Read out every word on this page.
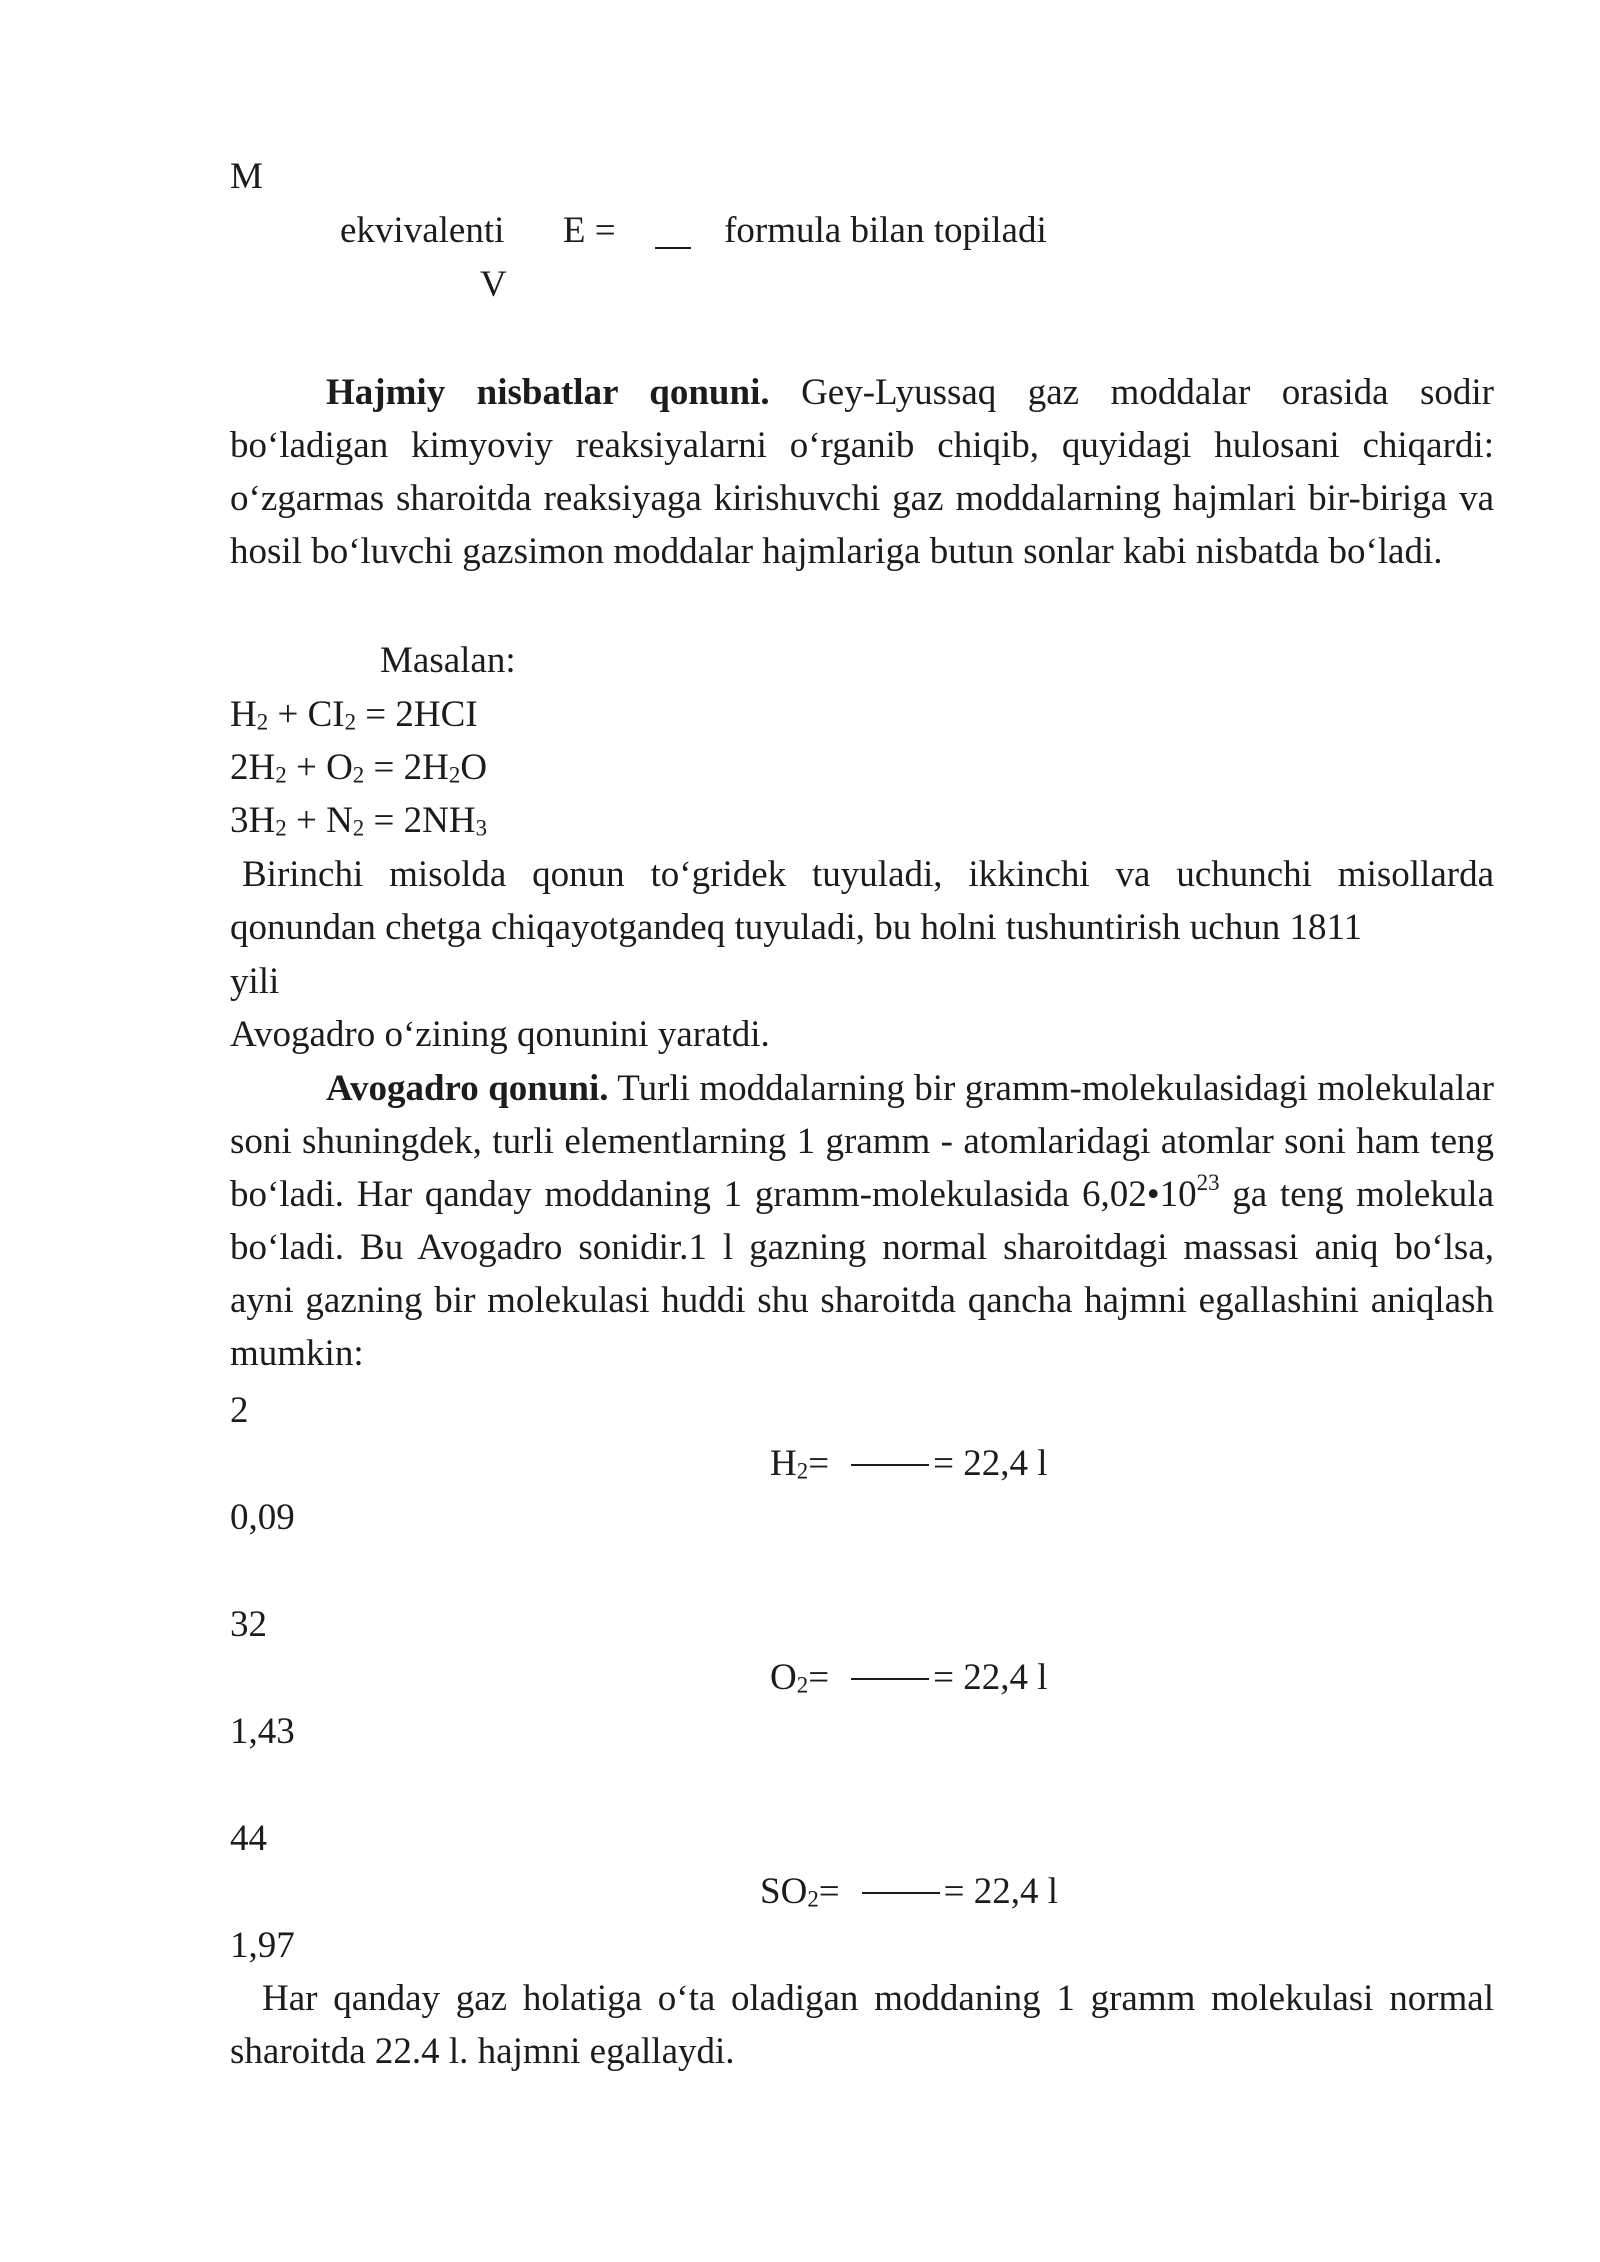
M
ekvivalenti E =	formula bilan topiladi
V
Hajmiy nisbatlar qonuni. Gey-Lyussaq gaz moddalar orasida sodir bo‘ladigan kimyoviy reaksiyalarni o‘rganib chiqib, quyidagi hulosani chiqardi: o‘zgarmas sharoitda reaksiyaga kirishuvchi gaz moddalarning hajmlari bir-biriga va hosil bo‘luvchi gazsimon moddalar hajmlariga butun sonlar kabi nisbatda bo‘ladi.
Masalan:
$H_2 + CI_2 = 2HCI$
$2H_2 + O_2 = 2H_2O$
$3H_2 + N_2 = 2NH_3$
Birinchi misolda qonun to‘gridek tuyuladi, ikkinchi va uchunchi misollarda qonundan chetga chiqayotgandeq tuyuladi, bu holni tushuntirish uchun 1811
yili
Avogadro o‘zining qonunini yaratdi.
Avogadro qonuni. Turli moddalarning bir gramm-molekulasidagi molekulalar soni shuningdek, turli elementlarning 1 gramm - atomlaridagi atomlar soni ham teng bo‘ladi. Har qanday moddaning 1 gramm-molekulasida $6,02•10^{23}$ ga teng molekula bo‘ladi. Bu Avogadro sonidir.1 l gazning normal sharoitdagi massasi aniq bo‘lsa, ayni gazning bir molekulasi huddi shu sharoitda qancha hajmni egallashini aniqlash mumkin:
2
$H_2=$	= 22,4 l
0,09
32
$O_2=$	= 22,4 l
1,43
44
$SO_2=$	= 22,4 l
1,97
Har qanday gaz holatiga o‘ta oladigan moddaning 1 gramm molekulasi normal sharoitda 22.4 l. hajmni egallaydi.
